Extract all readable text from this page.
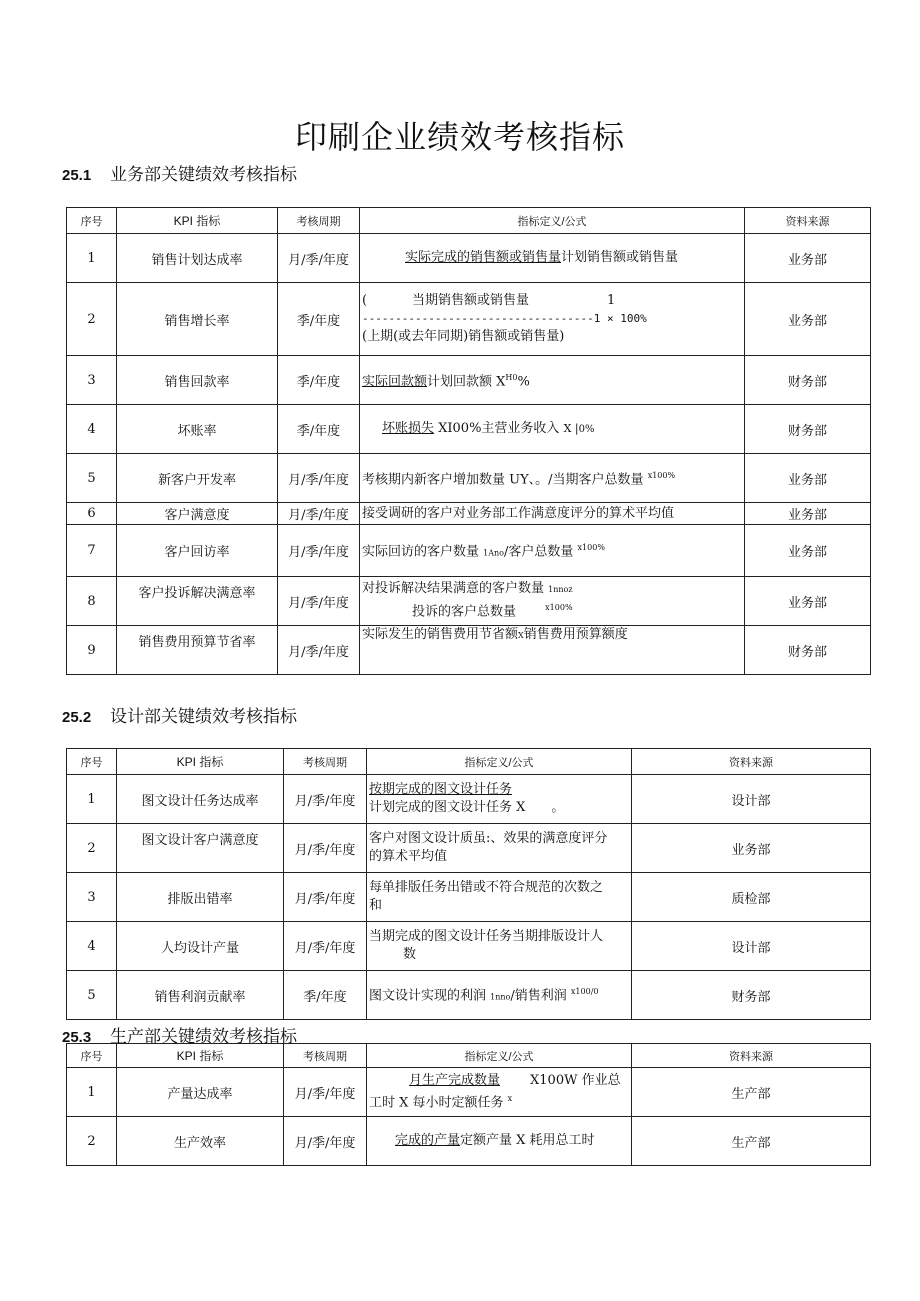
印刷企业绩效考核指标
25.1 业务部关键绩效考核指标
序号	KPI 指标	考核周期	指标定义/公式	资料来源
1	销售计划达成率	月/季/年度	实际完成的销售额或销售量计划销售额或销售量	业务部
2	销售增长率	季/年度	( 当期销售额或销售量 1
-----------------------------------1 × 100%
(上期(或去年同期)销售额或销售量)	业务部
3	销售回款率	季/年度	实际回款额计划回款额 $X^{H0}\%$	财务部
4	坏账率	季/年度	坏账损失 XI00%主营业务收入 X |0%	财务部
5	新客户开发率	月/季/年度	考核期内新客户增加数量 UY、。/当期客户总数量 $^{x100\%}$	业务部
6	客户满意度	月/季/年度	接受调研的客户对业务部工作满意度评分的算术平均值	业务部
7	客户回访率	月/季/年度	实际回访的客户数量 1Ano/客户总数量 $^{x100\%}$	业务部
8	客户投诉解决满意率	月/季/年度	对投诉解决结果满意的客户数量 1nnoz
投诉的客户总数量 $^{x100\%}$	业务部
9	销售费用预算节省率	月/季/年度	实际发生的销售费用节省额X销售费用预算额度	财务部
25.2 设计部关键绩效考核指标
序号	KPI 指标	考核周期	指标定义/公式	资料来源
1	图文设计任务达成率	月/季/年度	按期完成的图文设计任务
计划完成的图文设计任务 X　　。	设计部
2	图文设计客户满意度	月/季/年度	客户对图文设计质虽:、效果的满意度评分
的算术平均值	业务部
3	排版出错率	月/季/年度	每单排版任务出错或不符合规范的次数之
和	质检部
4	人均设计产量	月/季/年度	当期完成的图文设计任务当期排版设计人
数	设计部
5	销售利润贡献率	季/年度	图文设计实现的利润 1nno/销售利润 $^{x100/0}$	财务部
25.3 生产部关键绩效考核指标
序号	KPI 指标	考核周期	指标定义/公式	资料来源
1	产量达成率	月/季/年度	月生产完成数量 X100W 作业总
工时 X 每小时定额任务 $^x$	生产部
2	生产效率	月/季/年度	完成的产量定额产量 X 耗用总工时	生产部
